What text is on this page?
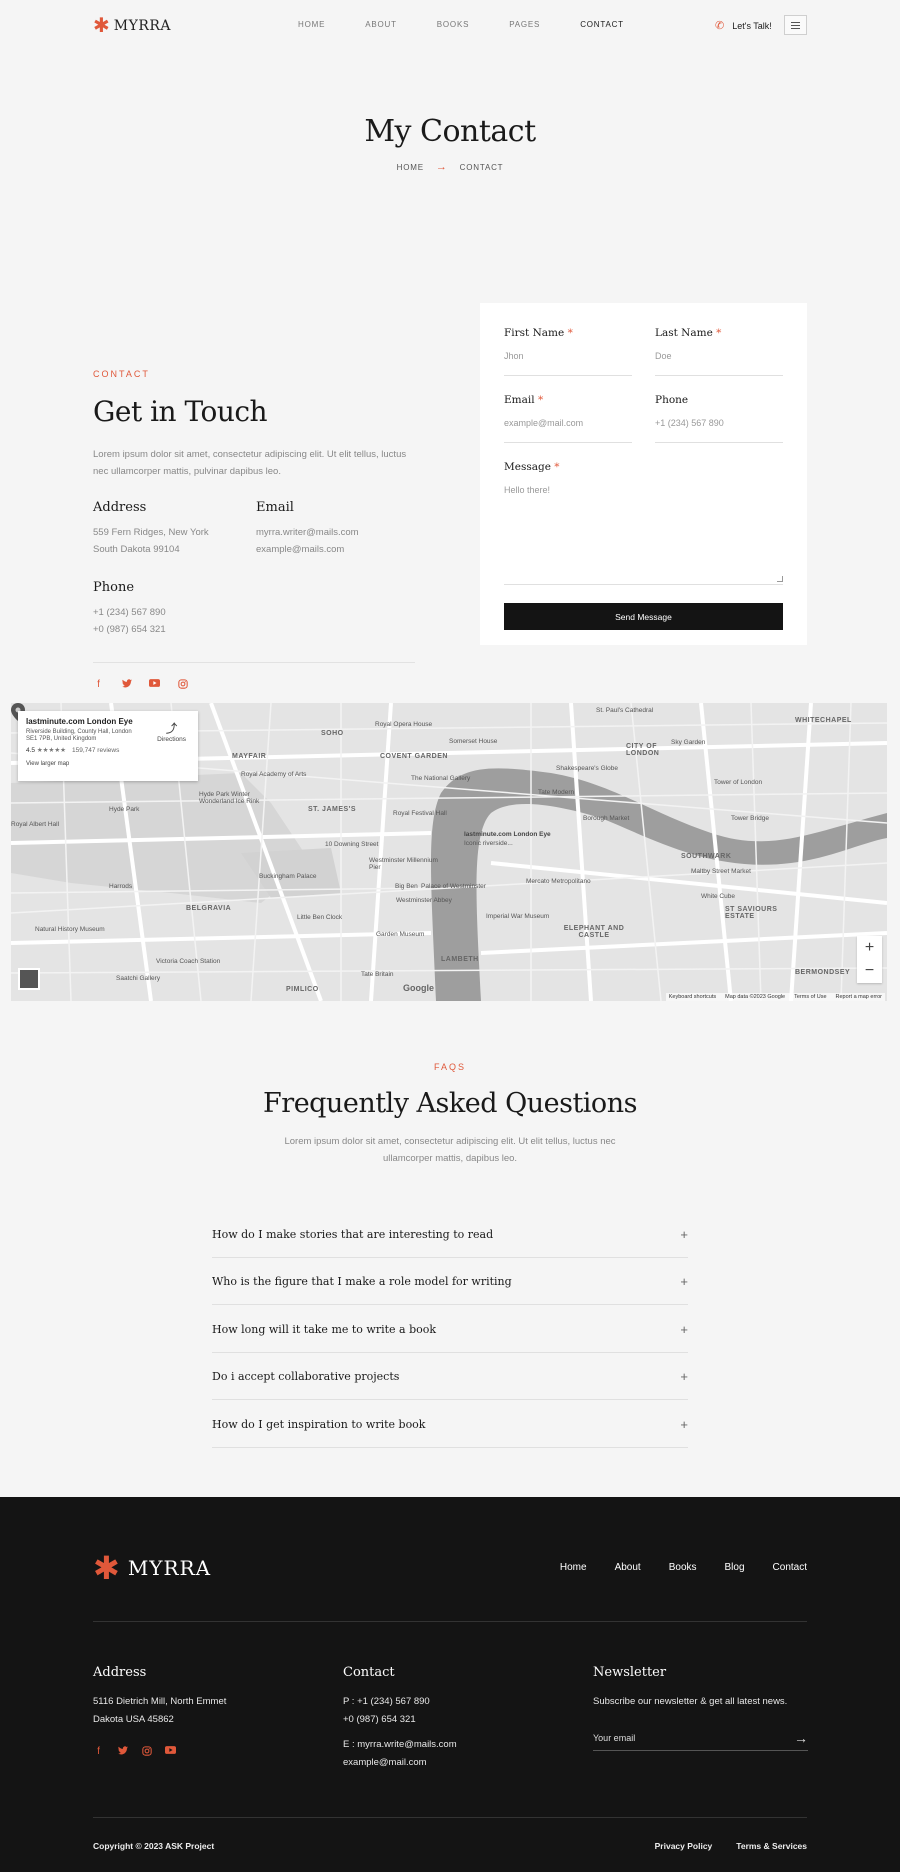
✱ MYRRA	HOME	ABOUT	BOOKS	PAGES	CONTACT	✆ Let's Talk!
My Contact
HOME → CONTACT
CONTACT
Get in Touch

Lorem ipsum dolor sit amet, consectetur adipiscing elit. Ut elit tellus, luctus nec ullamcorper mattis, pulvinar dapibus leo.

Address

559 Fern Ridges, New York

South Dakota 99104

Email

myrra.writer@mails.com

example@mails.com

Phone

+1 (234) 567 890

+0 (987) 654 321

f
First Name *
Jhon
Last Name *
Doe
Email *
example@mail.com
Phone
+1 (234) 567 890
Message *
Hello there!
Send Message
MAYFAIR
SOHO
COVENT GARDEN
ST. JAMES'S
BELGRAVIA
LAMBETH
SOUTHWARK
ELEPHANT AND CASTLE
CITY OF LONDON
WHITECHAPEL
BERMONDSEY
ST SAVIOURS ESTATE
PIMLICO
Hyde Park
Harrods
Buckingham Palace
Royal Academy of Arts
The National Gallery
Royal Festival Hall
Big Ben
Westminster Abbey
Palace of Westminster
10 Downing Street
Tate Modern
Borough Market
Tower of London
Tower Bridge
St. Paul's Cathedral
Shakespeare's Globe
Imperial War Museum
Victoria Coach Station
Natural History Museum
Little Ben Clock
Sky Garden
Royal Opera House
Somerset House
Westminster Millennium Pier
Mercato Metropolitano
Maltby Street Market
White Cube
Saatchi Gallery
Garden Museum
Tate Britain
Hyde Park Winter Wonderland Ice Rink
Royal Albert Hall
lastminute.com London Eye
Iconic riverside...
lastminute.com London Eye
Riverside Building, County Hall, London SE1 7PB, United Kingdom
4.5 ★★★★★ 159,747 reviews
View larger map
⤴
Directions
+
−
Google
Keyboard shortcuts Map data ©2023 Google Terms of Use Report a map error
FAQS
Frequently Asked Questions

Lorem ipsum dolor sit amet, consectetur adipiscing elit. Ut elit tellus, luctus nec ullamcorper mattis, dapibus leo.

How do I make stories that are interesting to read	+
Who is the figure that I make a role model for writing	+
How long will it take me to write a book	+
Do i accept collaborative projects	+
How do I get inspiration to write book	+
✱ MYRRA	Home	About	Books	Blog	Contact
Address

5116 Dietrich Mill, North Emmet

Dakota USA 45862

f
Contact

P : +1 (234) 567 890

+0 (987) 654 321

E : myrra.write@mails.com

example@mail.com

Newsletter

Subscribe our newsletter & get all latest news.

Your email	→
Copyright © 2023 ASK Project	Privacy Policy	Terms & Services
